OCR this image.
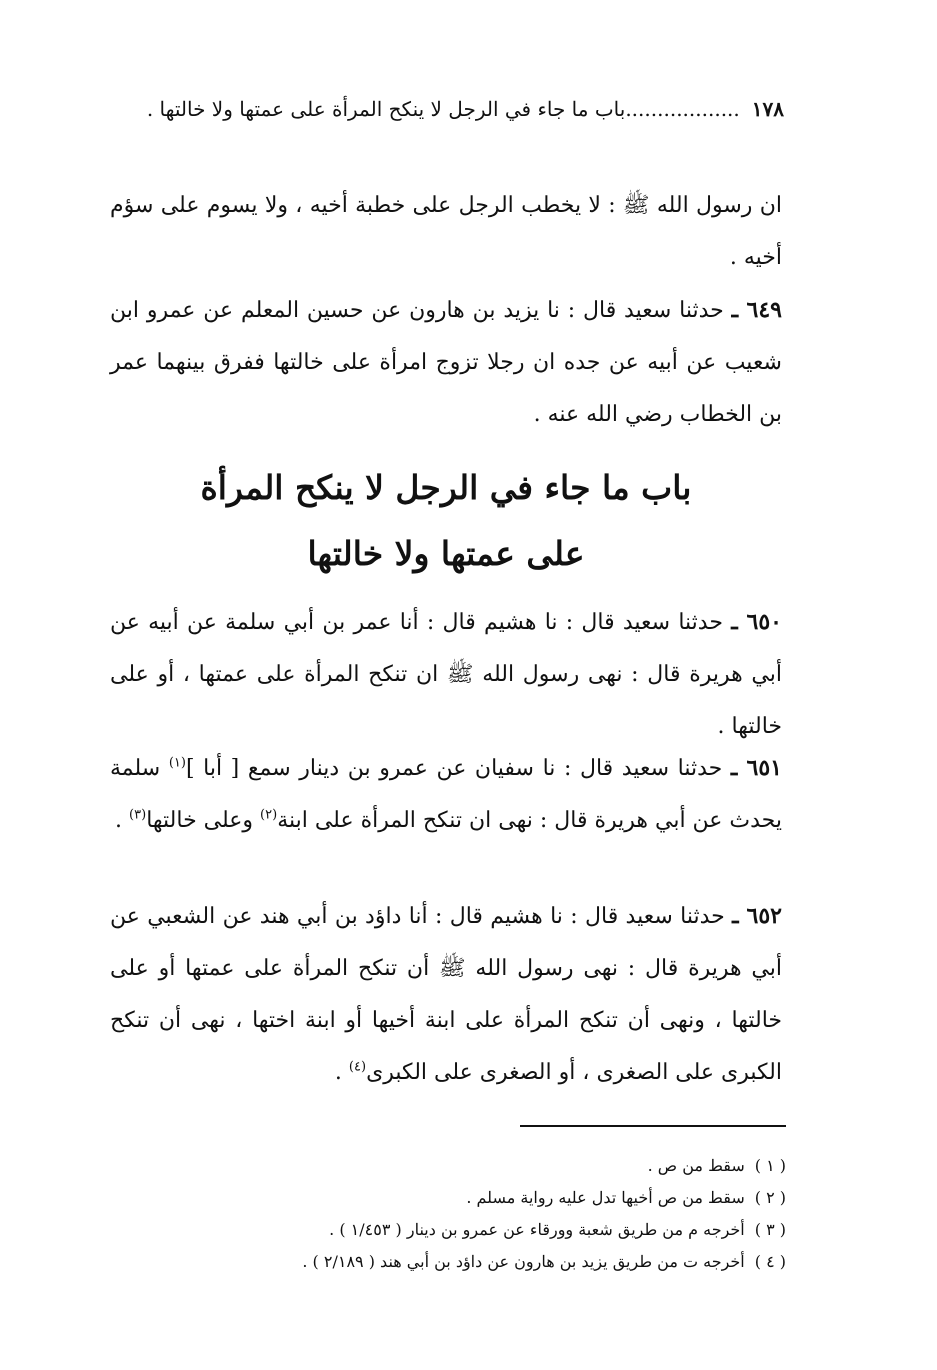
١٧٨..................باب ما جاء في الرجل لا ينكح المرأة على عمتها ولا خالتها .
ان رسول الله ﷺ : لا يخطب الرجل على خطبة أخيه ، ولا يسوم على سؤم أخيه .
٦٤٩ ـ حدثنا سعيد قال : نا يزيد بن هارون عن حسين المعلم عن عمرو ابن شعيب عن أبيه عن جده ان رجلا تزوج امرأة على خالتها ففرق بينهما عمر بن الخطاب رضي الله عنه .
باب ما جاء في الرجل لا ينكح المرأة
على عمتها ولا خالتها
٦٥٠ ـ حدثنا سعيد قال : نا هشيم قال : أنا عمر بن أبي سلمة عن أبيه عن أبي هريرة قال : نهى رسول الله ﷺ ان تنكح المرأة على عمتها ، أو على خالتها .
٦٥١ ـ حدثنا سعيد قال : نا سفيان عن عمرو بن دينار سمع [ أبا ]$^{(١)}$ سلمة يحدث عن أبي هريرة قال : نهى ان تنكح المرأة على ابنة$^{(٢)}$ وعلى خالتها$^{(٣)}$ .
٦٥٢ ـ حدثنا سعيد قال : نا هشيم قال : أنا داؤد بن أبي هند عن الشعبي عن أبي هريرة قال : نهى رسول الله ﷺ أن تنكح المرأة على عمتها أو على خالتها ، ونهى أن تنكح المرأة على ابنة أخيها أو ابنة اختها ، نهى أن تنكح الكبرى على الصغرى ، أو الصغرى على الكبرى$^{(٤)}$ .
( ١ )سقط من ص .
( ٢ )سقط من ص أخيها تدل عليه رواية مسلم .
( ٣ )أخرجه م من طريق شعبة وورقاء عن عمرو بن دينار ( ١/٤٥٣ ) .
( ٤ )أخرجه ت من طريق يزيد بن هارون عن داؤد بن أبي هند ( ٢/١٨٩ ) .
